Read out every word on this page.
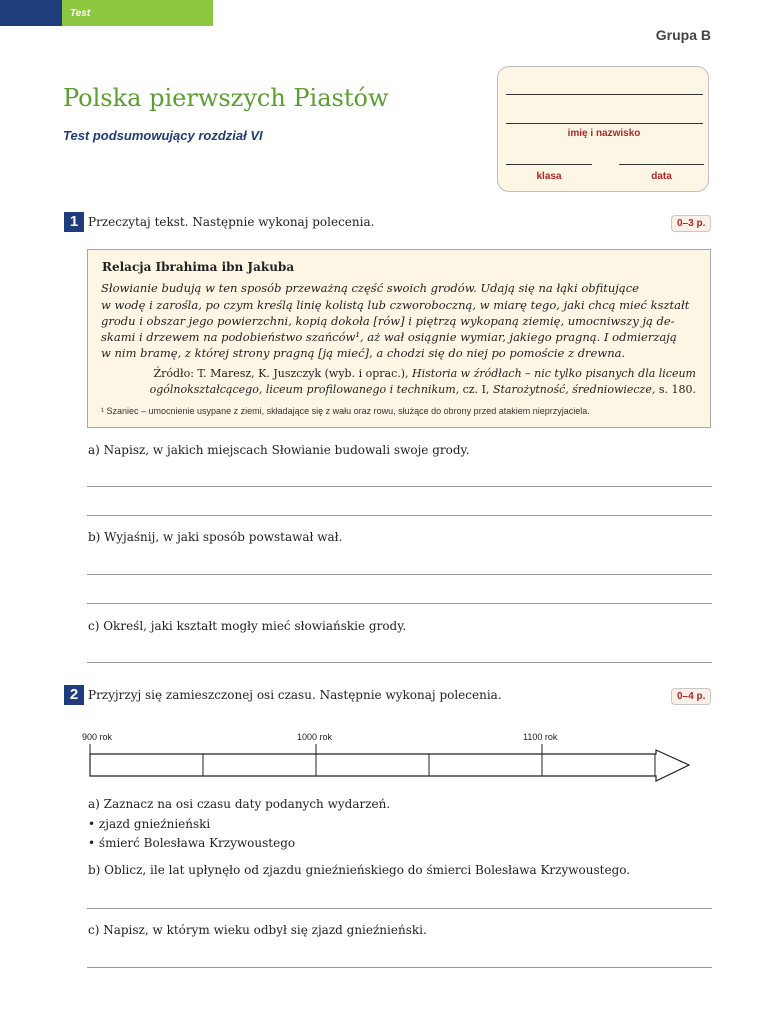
Test
Grupa B
Polska pierwszych Piastów
Test podsumowujący rozdział VI	imię i nazwisko
klasa	data
1 Przeczytaj tekst. Następnie wykonaj polecenia.	0–3 p.
Relacja Ibrahima ibn Jakuba
Słowianie budują w ten sposób przeważną część swoich grodów. Udają się na łąki obfitujące
w wodę i zarośla, po czym kreślą linię kolistą lub czworoboczną, w miarę tego, jaki chcą mieć kształt
grodu i obszar jego powierzchni, kopią dokoła [rów] i piętrzą wykopaną ziemię, umocniwszy ją de-
skami i drzewem na podobieństwo szańców¹, aż wał osiągnie wymiar, jakiego pragną. I odmierzają
w nim bramę, z której strony pragną [ją mieć], a chodzi się do niej po pomoście z drewna.
Źródło: T. Maresz, K. Juszczyk (wyb. i oprac.), Historia w źródłach – nic tylko pisanych dla liceum
ogólnokształcącego, liceum profilowanego i technikum, cz. I, Starożytność, średniowiecze, s. 180.
¹ Szaniec – umocnienie usypane z ziemi, składające się z wału oraz rowu, służące do obrony przed atakiem nieprzyjaciela.
a) Napisz, w jakich miejscach Słowianie budowali swoje grody.
b) Wyjaśnij, w jaki sposób powstawał wał.
c) Określ, jaki kształt mogły mieć słowiańskie grody.
2 Przyjrzyj się zamieszczonej osi czasu. Następnie wykonaj polecenia.	0–4 p.
900 rok	1000 rok	1100 rok
a) Zaznacz na osi czasu daty podanych wydarzeń.
• zjazd gnieźnieński
• śmierć Bolesława Krzywoustego
b) Oblicz, ile lat upłynęło od zjazdu gnieźnieńskiego do śmierci Bolesława Krzywoustego.
c) Napisz, w którym wieku odbył się zjazd gnieźnieński.
